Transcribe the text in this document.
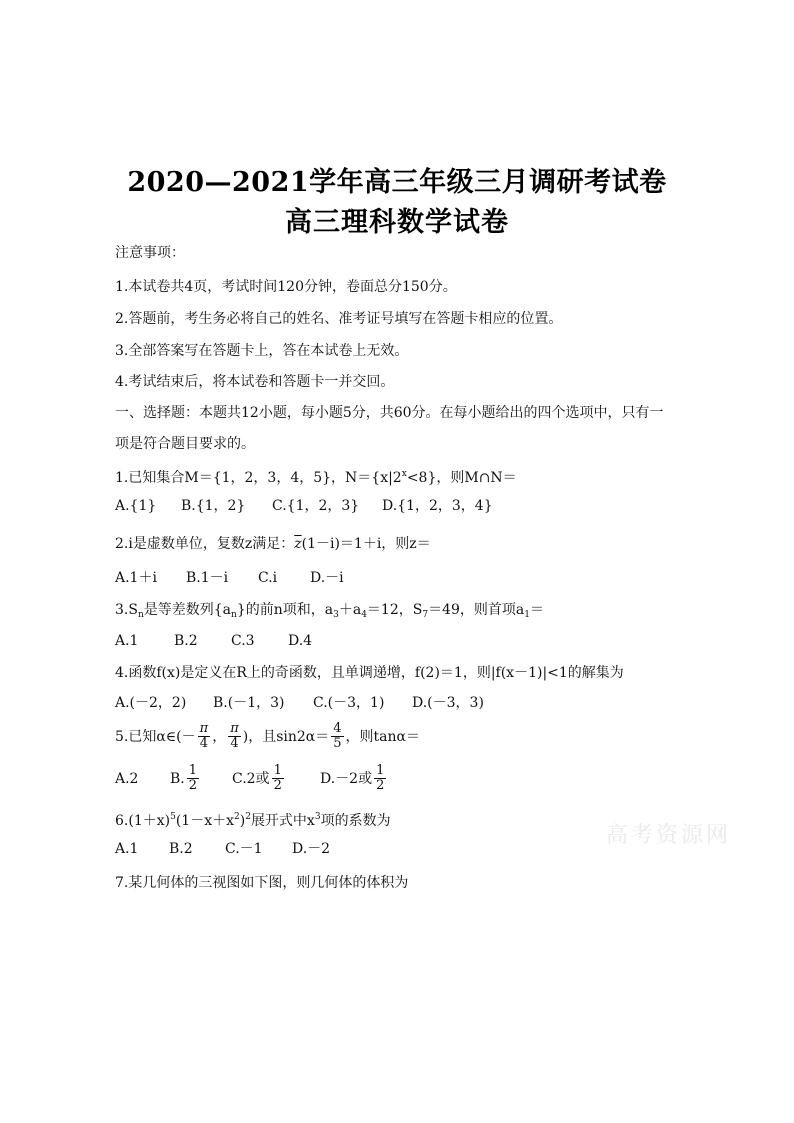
2020—2021学年高三年级三月调研考试卷
高三理科数学试卷
注意事项：
1.本试卷共4页，考试时间120分钟，卷面总分150分。
2.答题前，考生务必将自己的姓名、准考证号填写在答题卡相应的位置。
3.全部答案写在答题卡上，答在本试卷上无效。
4.考试结束后，将本试卷和答题卡一并交回。
一、选择题：本题共12小题，每小题5分，共60分。在每小题给出的四个选项中，只有一
项是符合题目要求的。
1.已知集合M＝{1，2，3，4，5}，$N=\{x|2^x<8\}$，则M∩N＝
A.{1}	B.{1，2}	C.{1，2，3}	D.{1，2，3，4}
2.i是虚数单位，复数z满足：$\overline{z}(1-i)=1+i$，则z＝
A.1＋i	B.1－i	C.i	D.－i
$3.S_n$是等差数列$\{a_n\}$的前n项和，$a_3+a_4=12$，$S_7=49$，则首项$a_1=$
A.1	B.2	C.3	D.4
4.函数f(x)是定义在R上的奇函数，且单调递增，f(2)＝1，则|f(x－1)|<1的解集为
A.(－2，2)	B.(－1，3)	C.(－3，1)	D.(－3，3)
5.已知α∈(－ $\frac{\pi}{4}$ ， $\frac{\pi}{4}$ )，且$\sin 2\alpha= \frac{4}{5}$ ，则tanα＝
A.2	B. $\frac{1}{2} C.2$或 $\frac{1}{2}$	D.－2或 $\frac{1}{2}$
$6.(1+x)^5(1-x+x^2)^2$展开式中$x^3$项的系数为
A.1	B.2	C.－1	D.－2
7.某几何体的三视图如下图，则几何体的体积为
高考资源网
